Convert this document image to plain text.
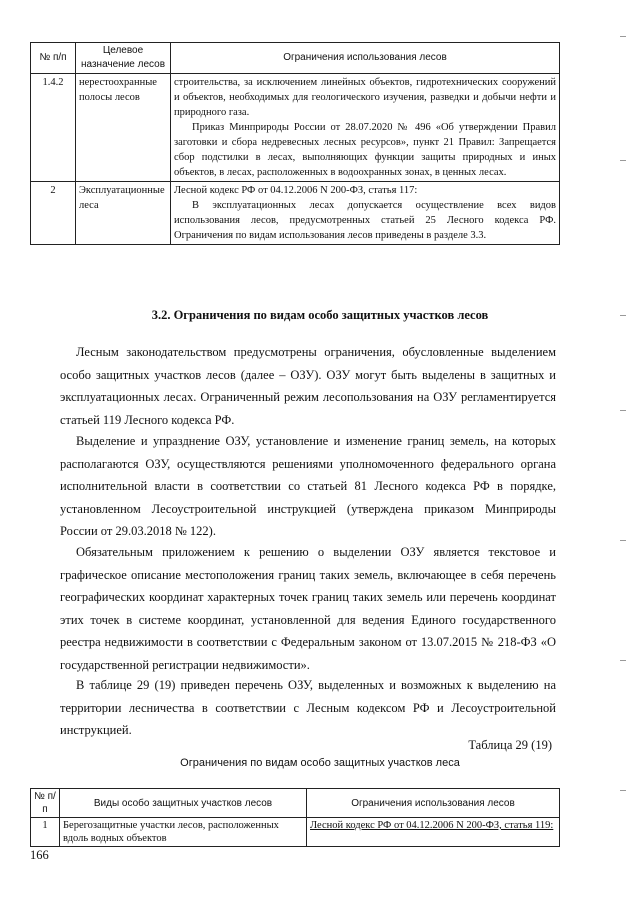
№ п/п	Целевое назначение лесов	Ограничения использования лесов
1.4.2	нерестоохранные полосы лесов	строительства, за исключением линейных объектов, гидротехнических сооружений и объектов, необходимых для геологического изучения, разведки и добычи нефти и природного газа.

Приказ Минприроды России от 28.07.2020 № 496 «Об утверждении Правил заготовки и сбора недревесных лесных ресурсов», пункт 21 Правил: Запрещается сбор подстилки в лесах, выполняющих функции защиты природных и иных объектов, в лесах, расположенных в водоохранных зонах, в ценных лесах.

2	Эксплуатационные леса	Лесной кодекс РФ от 04.12.2006 N 200-ФЗ, статья 117:

В эксплуатационных лесах допускается осуществление всех видов использования лесов, предусмотренных статьей 25 Лесного кодекса РФ. Ограничения по видам использования лесов приведены в разделе 3.3.

3.2. Ограничения по видам особо защитных участков лесов

Лесным законодательством предусмотрены ограничения, обусловленные выделением особо защитных участков лесов (далее – ОЗУ). ОЗУ могут быть выделены в защитных и эксплуатационных лесах. Ограниченный режим лесопользования на ОЗУ регламентируется статьей 119 Лесного кодекса РФ.

Выделение и упразднение ОЗУ, установление и изменение границ земель, на которых располагаются ОЗУ, осуществляются решениями уполномоченного федерального органа исполнительной власти в соответствии со статьей 81 Лесного кодекса РФ в порядке, установленном Лесоустроительной инструкцией (утверждена приказом Минприроды России от 29.03.2018 № 122).

Обязательным приложением к решению о выделении ОЗУ является текстовое и графическое описание местоположения границ таких земель, включающее в себя перечень географических координат характерных точек границ таких земель или перечень координат этих точек в системе координат, установленной для ведения Единого государственного реестра недвижимости в соответствии с Федеральным законом от 13.07.2015 № 218-ФЗ «О государственной регистрации недвижимости».

В таблице 29 (19) приведен перечень ОЗУ, выделенных и возможных к выделению на территории лесничества в соответствии с Лесным кодексом РФ и Лесоустроительной инструкцией.

Таблица 29 (19)
Ограничения по видам особо защитных участков леса
№ п/п	Виды особо защитных участков лесов	Ограничения использования лесов
1	Берегозащитные участки лесов, расположенных вдоль водных объектов	Лесной кодекс РФ от 04.12.2006 N 200-ФЗ, статья 119:
166
